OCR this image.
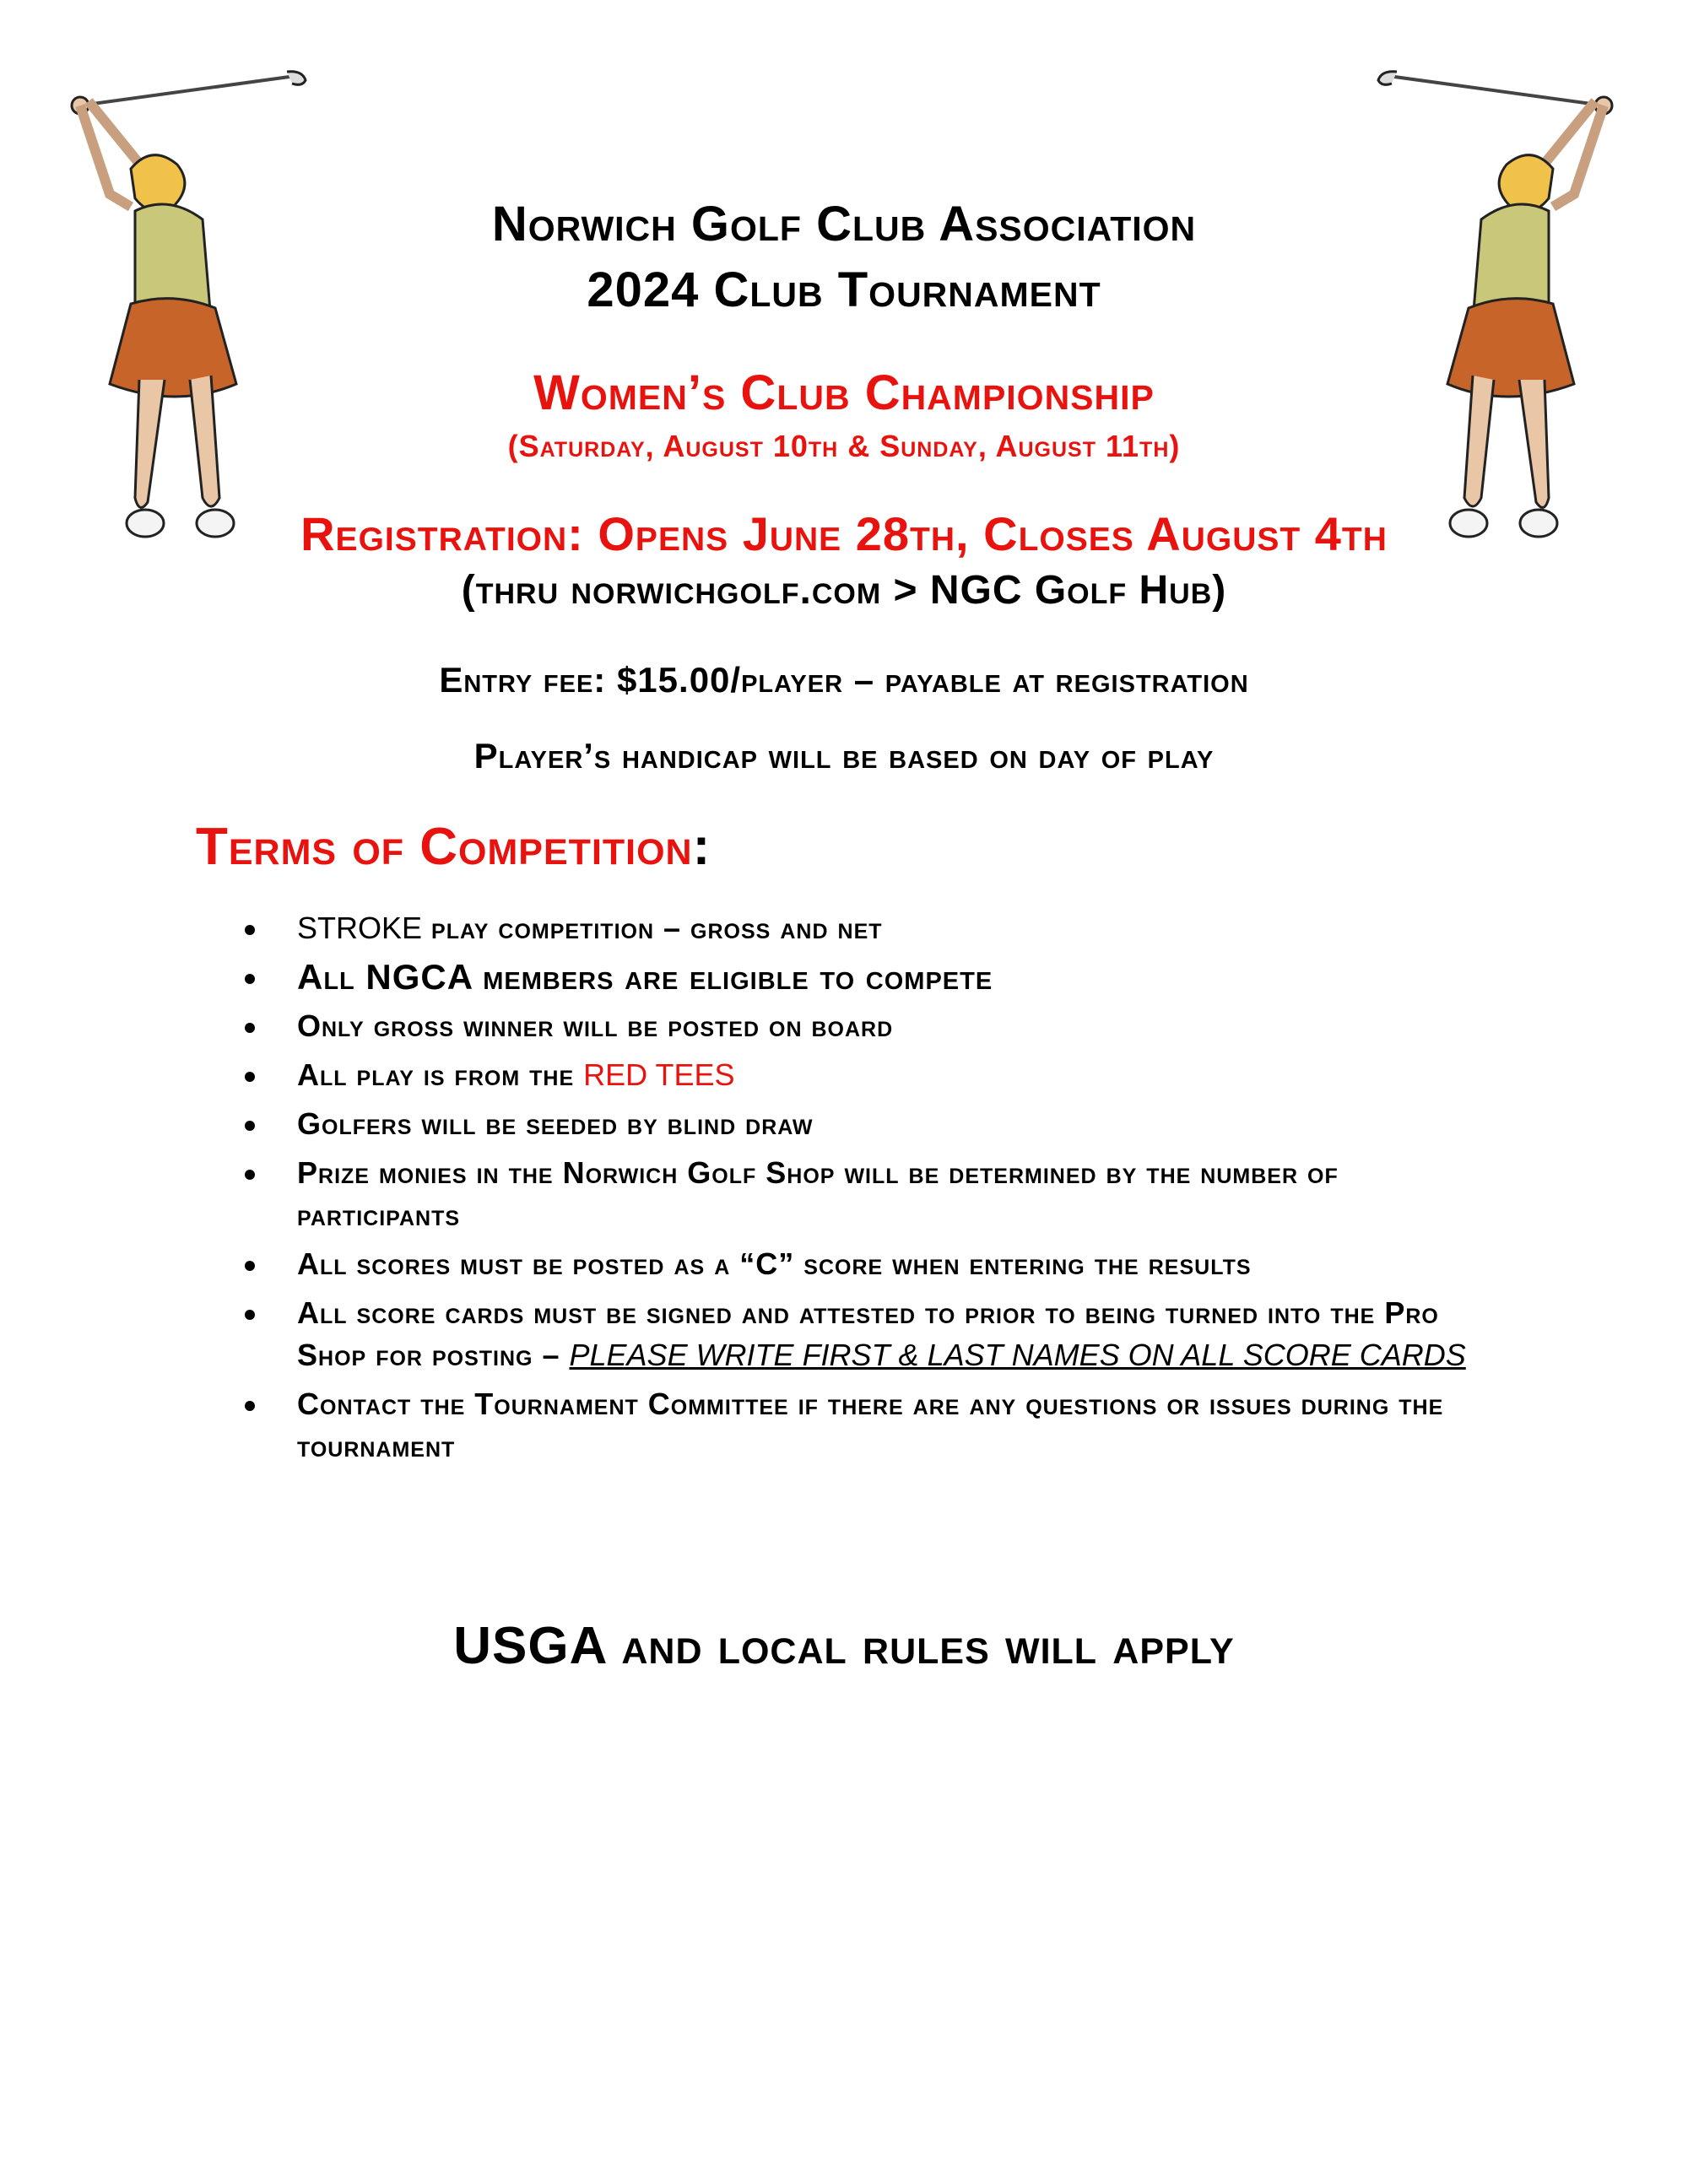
Norwich Golf Club Association
2024 Club Tournament
Women’s Club Championship
(Saturday, August 10th & Sunday, August 11th)
Registration: Opens June 28th, Closes August 4th
(thru norwichgolf.com > NGC Golf Hub)
Entry fee: $15.00/player – payable at registration
Player’s handicap will be based on day of play
Terms of Competition:
STROKE play competition – gross and net
All NGCA members are eligible to compete
Only gross winner will be posted on board
All play is from the RED TEES
Golfers will be seeded by blind draw
Prize monies in the Norwich Golf Shop will be determined by the number of participants
All scores must be posted as a “C” score when entering the results
All score cards must be signed and attested to prior to being turned into the Pro Shop for posting – PLEASE WRITE FIRST & LAST NAMES ON ALL SCORE CARDS
Contact the Tournament Committee if there are any questions or issues during the tournament
USGA and local rules will apply
